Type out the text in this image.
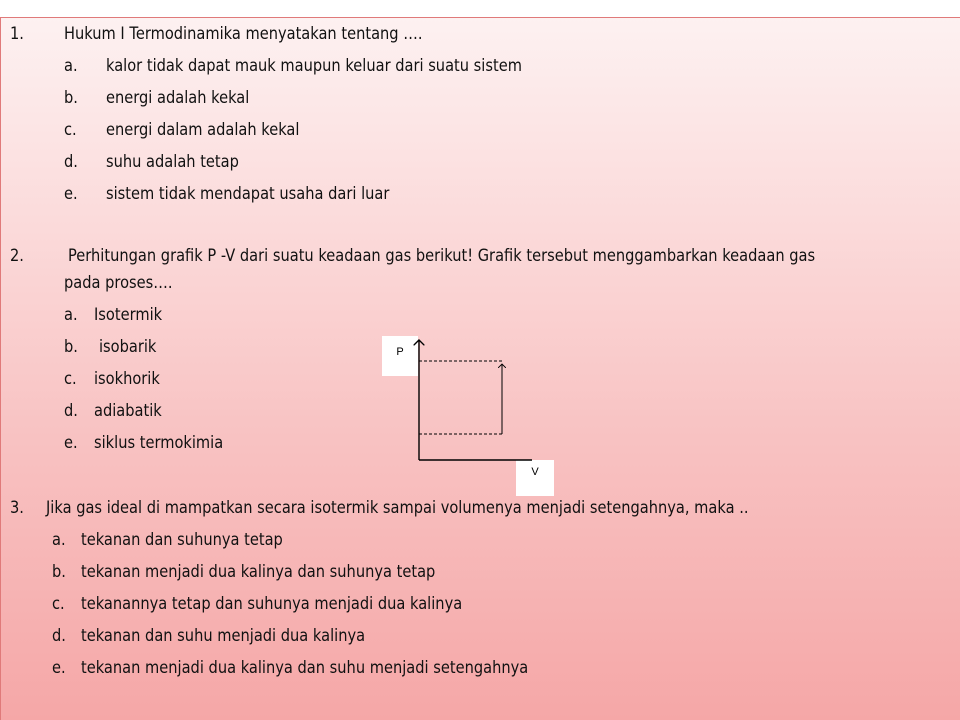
1. Hukum I Termodinamika menyatakan tentang ….
a. kalor tidak dapat mauk maupun keluar dari suatu sistem
b. energi adalah kekal
c. energi dalam adalah kekal
d. suhu adalah tetap
e. sistem tidak mendapat usaha dari luar
2.	Perhitungan grafik P -V dari suatu keadaan gas berikut! Grafik tersebut menggambarkan keadaan gas
pada proses….
a. Isotermik
b. isobarik
c. isokhorik
d. adiabatik
e. siklus termokimia
P
V
3. Jika gas ideal di mampatkan secara isotermik sampai volumenya menjadi setengahnya, maka ..
a. tekanan dan suhunya tetap
b. tekanan menjadi dua kalinya dan suhunya tetap
c. tekanannya tetap dan suhunya menjadi dua kalinya
d. tekanan dan suhu menjadi dua kalinya
e. tekanan menjadi dua kalinya dan suhu menjadi setengahnya
